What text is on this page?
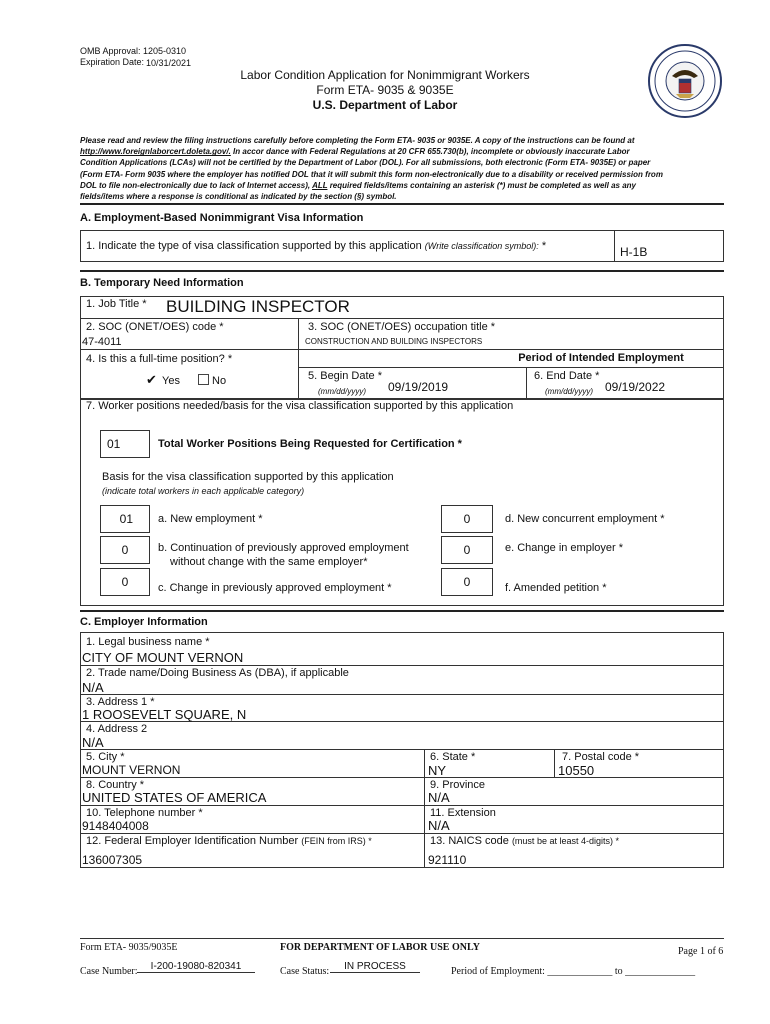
OMB Approval: 1205-0310
Expiration Date: 10/31/2021
Labor Condition Application for Nonimmigrant Workers
Form ETA- 9035 & 9035E
U.S. Department of Labor
Please read and review the filing instructions carefully before completing the Form ETA- 9035 or 9035E. A copy of the instructions can be found at
http://www.foreignlaborcert.doleta.gov/. In accor dance with Federal Regulations at 20 CFR 655.730(b), incomplete or obviously inaccurate Labor
Condition Applications (LCAs) will not be certified by the Department of Labor (DOL). For all submissions, both electronic (Form ETA- 9035E) or paper
(Form ETA- Form 9035 where the employer has notified DOL that it will submit this form non-electronically due to a disability or received permission from
DOL to file non-electronically due to lack of Internet access), ALL required fields/items containing an asterisk (*) must be completed as well as any
fields/items where a response is conditional as indicated by the section (§) symbol.
A. Employment-Based Nonimmigrant Visa Information
1. Indicate the type of visa classification supported by this application (Write classification symbol): *	H-1B
B. Temporary Need Information
1. Job Title * BUILDING INSPECTOR
2. SOC (ONET/OES) code *
47-4011
3. SOC (ONET/OES) occupation title *
CONSTRUCTION AND BUILDING INSPECTORS
4. Is this a full-time position? *
✔ Yes	No
Period of Intended Employment
5. Begin Date *
(mm/dd/yyyy) 09/19/2019
6. End Date *
(mm/dd/yyyy) 09/19/2022
7. Worker positions needed/basis for the visa classification supported by this application
01	Total Worker Positions Being Requested for Certification *
Basis for the visa classification supported by this application
(indicate total workers in each applicable category)
01	a. New employment *
0	b. Continuation of previously approved employment
without change with the same employer*
0	c. Change in previously approved employment *
0	d. New concurrent employment *
0	e. Change in employer *
0	f. Amended petition *
C. Employer Information
1. Legal business name *
CITY OF MOUNT VERNON
2. Trade name/Doing Business As (DBA), if applicable
N/A
3. Address 1 *
1 ROOSEVELT SQUARE, N
4. Address 2
N/A
5. City *
MOUNT VERNON
6. State *
NY
7. Postal code *
10550
8. Country *
UNITED STATES OF AMERICA
9. Province
N/A
10. Telephone number *
9148404008
11. Extension
N/A
12. Federal Employer Identification Number (FEIN from IRS) *
136007305
13. NAICS code (must be at least 4-digits) *
921110
Form ETA- 9035/9035E	FOR DEPARTMENT OF LABOR USE ONLY	Page 1 of 6
Case Number:	I-200-19080-820341	Case Status:	IN PROCESS	Period of Employment: _____________ to ______________
